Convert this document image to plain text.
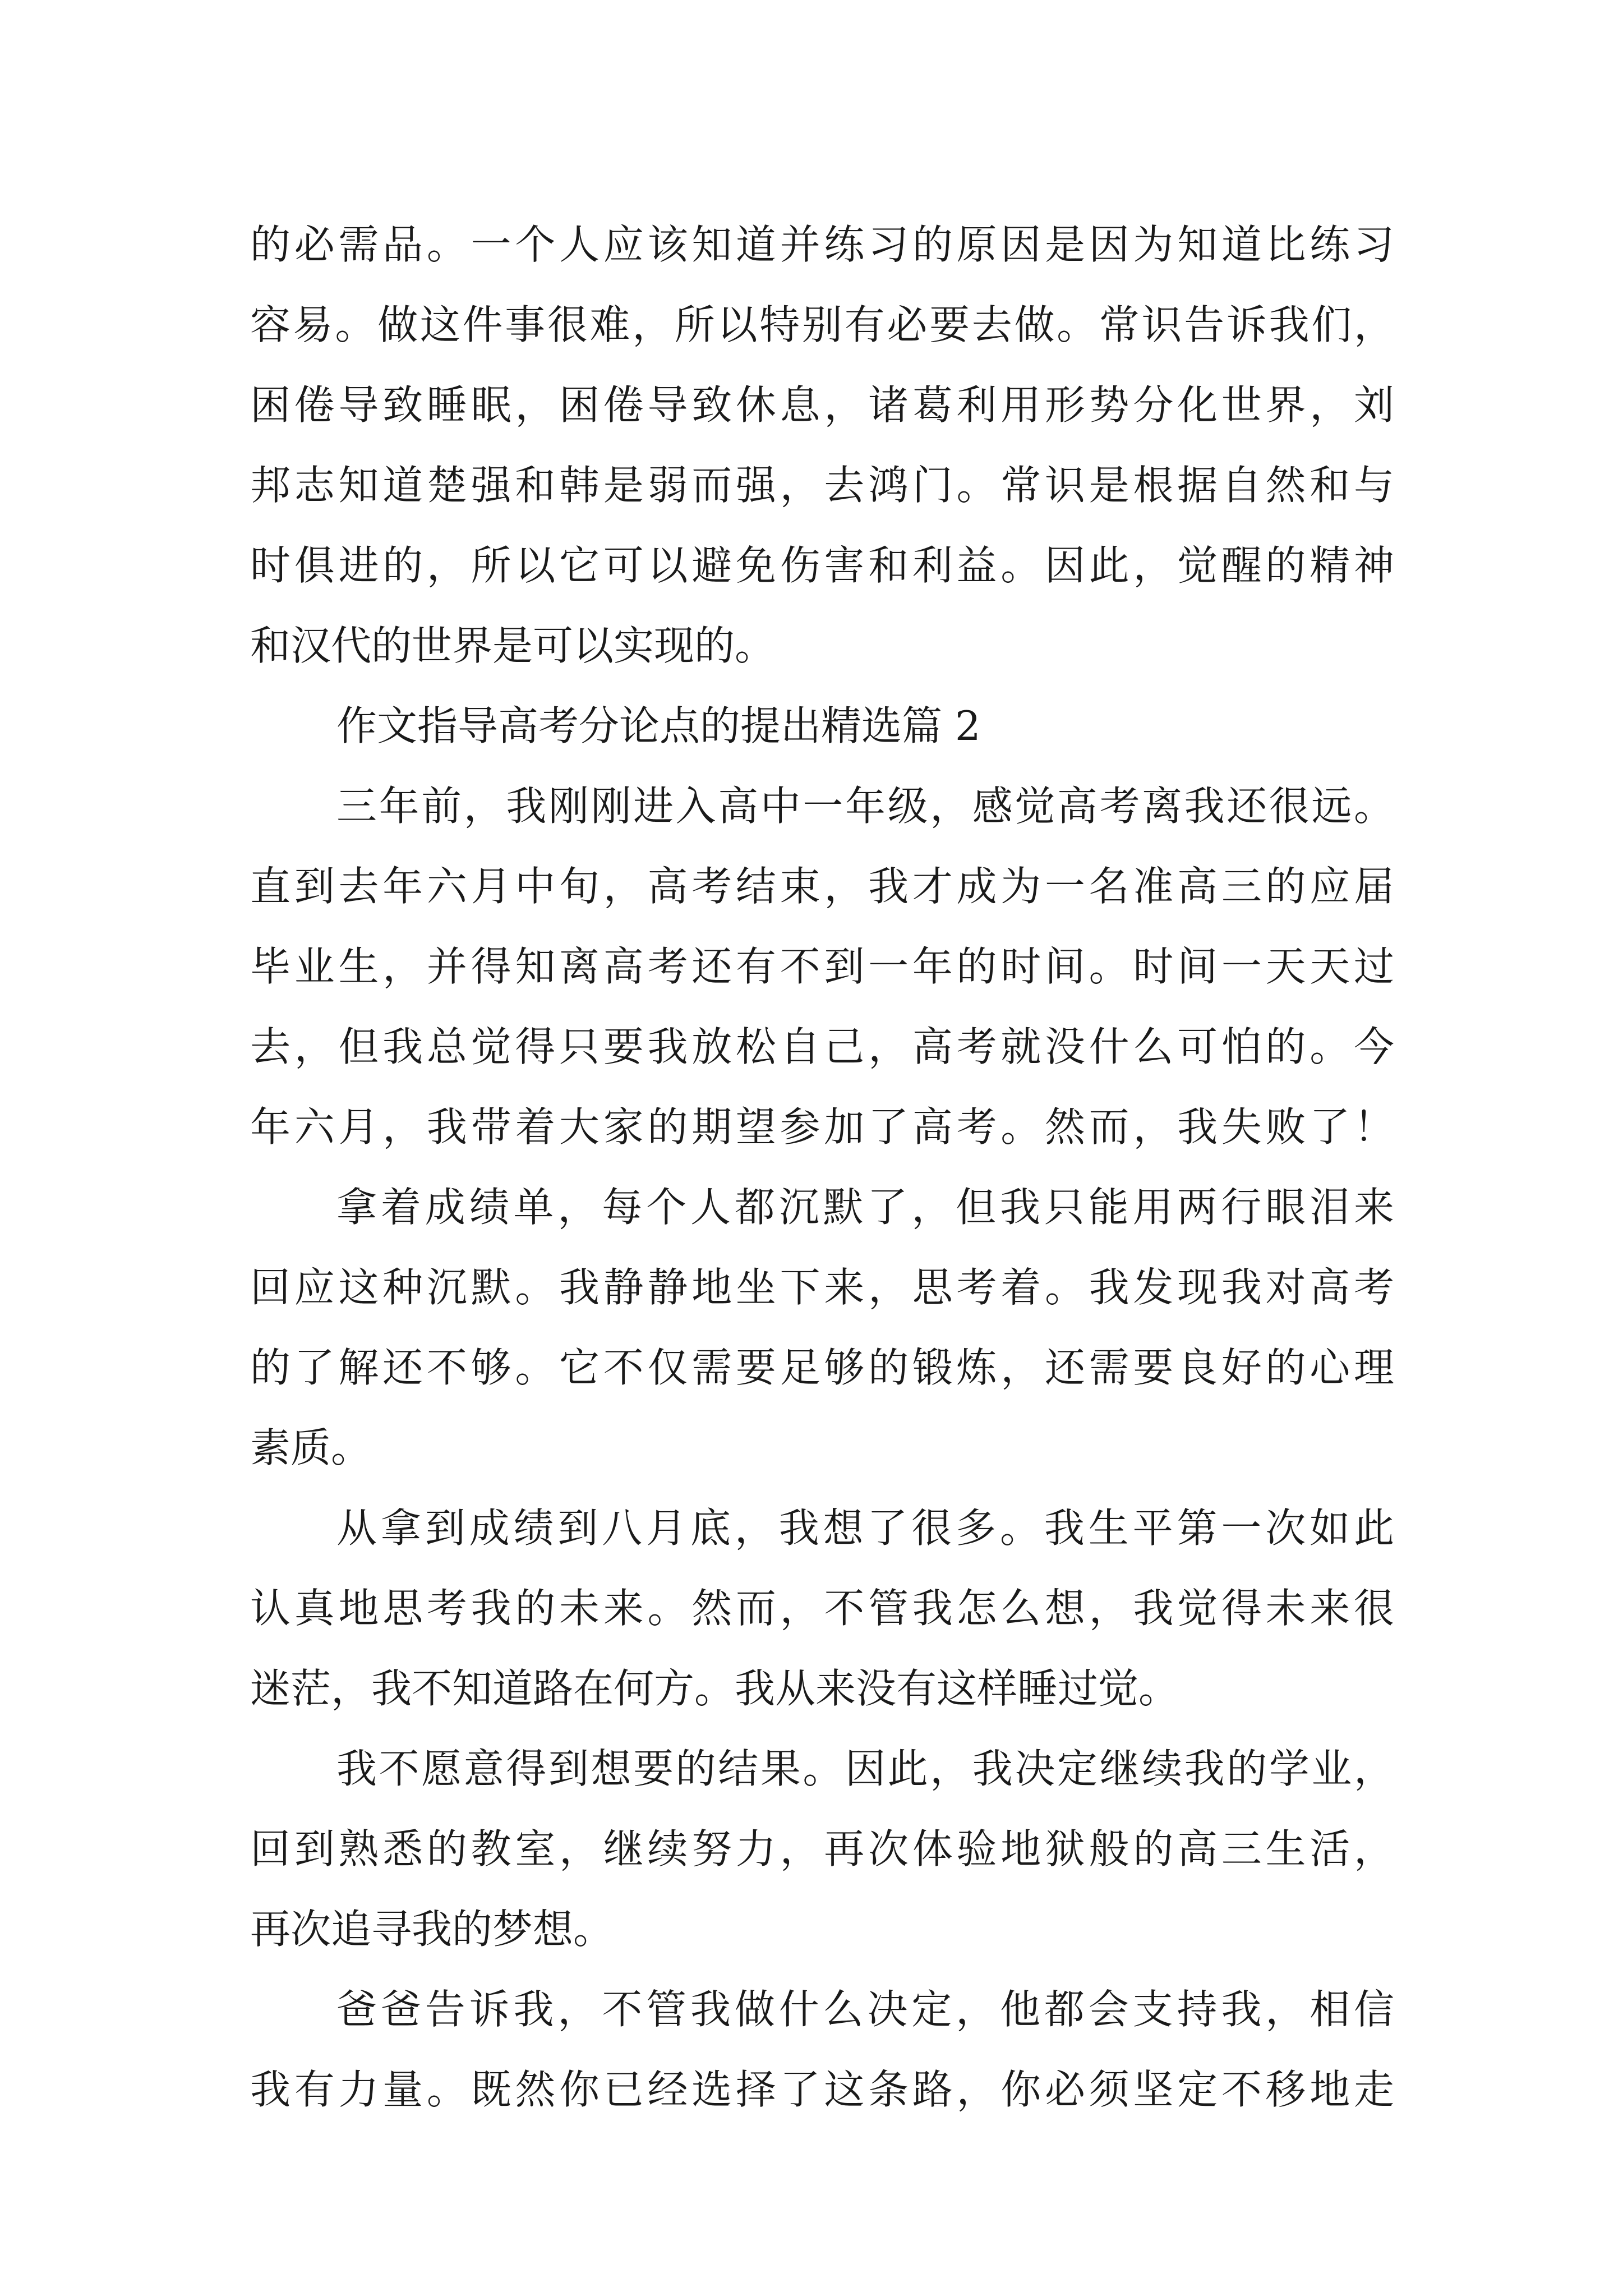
的必需品。一个人应该知道并练习的原因是因为知道比练习
容易。做这件事很难，所以特别有必要去做。常识告诉我们，
困倦导致睡眠，困倦导致休息，诸葛利用形势分化世界，刘
邦志知道楚强和韩是弱而强，去鸿门。常识是根据自然和与
时俱进的，所以它可以避免伤害和利益。因此，觉醒的精神
和汉代的世界是可以实现的。
作文指导高考分论点的提出精选篇 2
三年前，我刚刚进入高中一年级，感觉高考离我还很远。
直到去年六月中旬，高考结束，我才成为一名准高三的应届
毕业生，并得知离高考还有不到一年的时间。时间一天天过
去，但我总觉得只要我放松自己，高考就没什么可怕的。今
年六月，我带着大家的期望参加了高考。然而，我失败了！
拿着成绩单，每个人都沉默了，但我只能用两行眼泪来
回应这种沉默。我静静地坐下来，思考着。我发现我对高考
的了解还不够。它不仅需要足够的锻炼，还需要良好的心理
素质。
从拿到成绩到八月底，我想了很多。我生平第一次如此
认真地思考我的未来。然而，不管我怎么想，我觉得未来很
迷茫，我不知道路在何方。我从来没有这样睡过觉。
我不愿意得到想要的结果。因此，我决定继续我的学业，
回到熟悉的教室，继续努力，再次体验地狱般的高三生活，
再次追寻我的梦想。
爸爸告诉我，不管我做什么决定，他都会支持我，相信
我有力量。既然你已经选择了这条路，你必须坚定不移地走
